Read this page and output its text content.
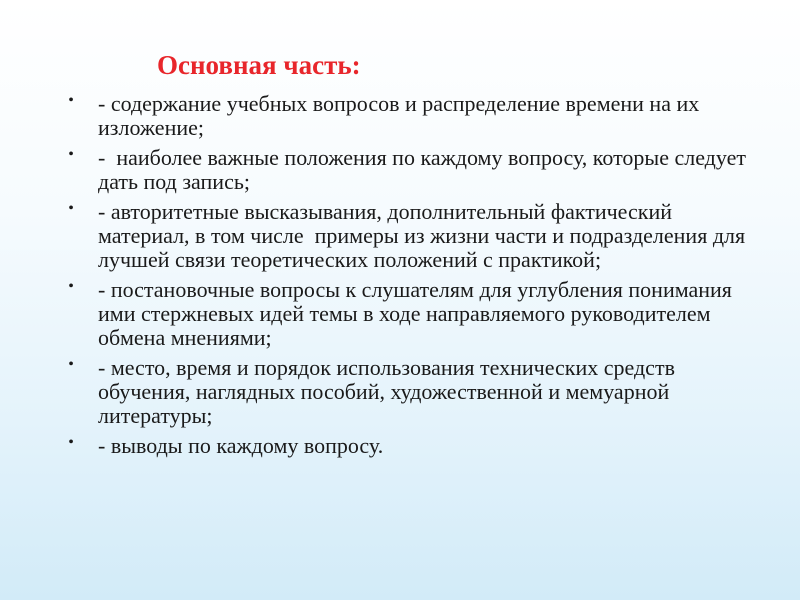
Основная часть:
• - содержание учебных вопросов и распределение времени на их изложение;
• -  наиболее важные положения по каждому вопросу, которые следует дать под запись;
• - авторитетные высказывания, дополнительный фактический материал, в том числе  примеры из жизни части и подразделения для лучшей связи теоретических положений с практикой;
• - постановочные вопросы к слушателям для углубления понимания ими стержневых идей темы в ходе направляемого руководителем обмена мнениями;
• - место, время и порядок использования технических средств обучения, наглядных пособий, художественной и мемуарной литературы;
• - выводы по каждому вопросу.
